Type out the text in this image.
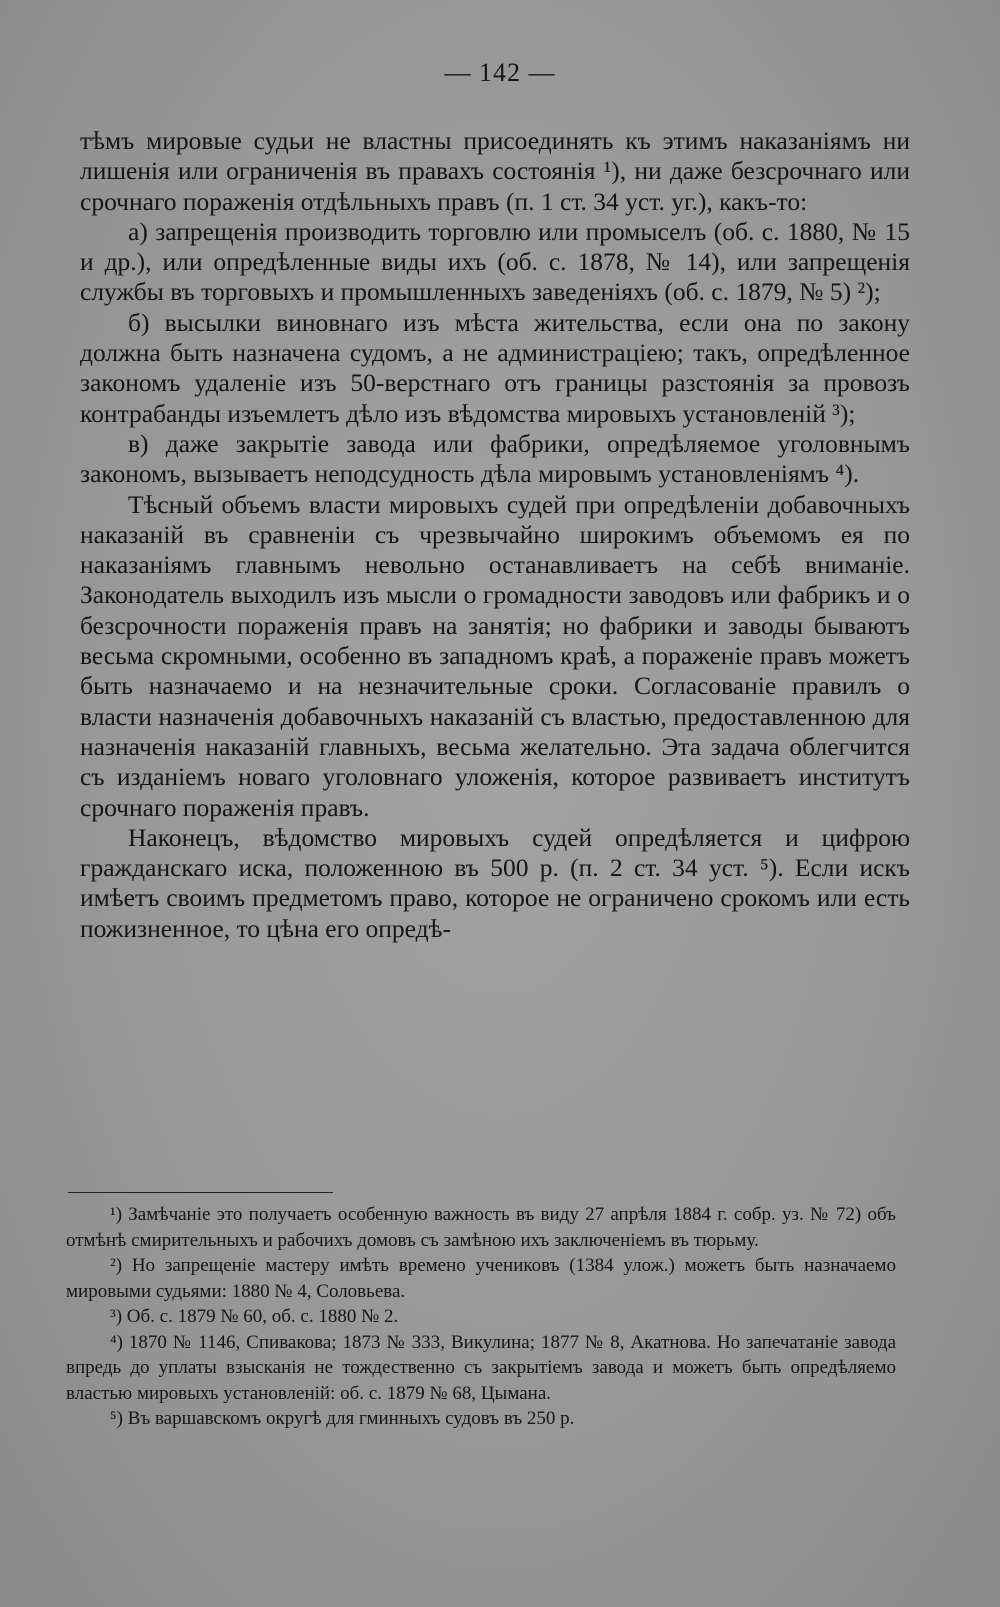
— 142 —

тѣмъ мировые судьи не властны присоединять къ этимъ наказаніямъ ни лишенія или ограниченія въ правахъ состоянія ¹), ни даже безсрочнаго или срочнаго пораженія отдѣльныхъ правъ (п. 1 ст. 34 уст. уг.), какъ-то:

а) запрещенія производить торговлю или промыселъ (об. с. 1880, № 15 и др.), или опредѣленные виды ихъ (об. с. 1878, № 14), или запрещенія службы въ торговыхъ и промышленныхъ заведеніяхъ (об. с. 1879, № 5) ²);

б) высылки виновнаго изъ мѣста жительства, если она по закону должна быть назначена судомъ, а не администраціею; такъ, опредѣленное закономъ удаленіе изъ 50-верстнаго отъ границы разстоянія за провозъ контрабанды изъемлетъ дѣло изъ вѣдомства мировыхъ установленій ³);

в) даже закрытіе завода или фабрики, опредѣляемое уголовнымъ закономъ, вызываетъ неподсудность дѣла мировымъ установленіямъ ⁴).

Тѣсный объемъ власти мировыхъ судей при опредѣленіи добавочныхъ наказаній въ сравненіи съ чрезвычайно широкимъ объемомъ ея по наказаніямъ главнымъ невольно останавливаетъ на себѣ вниманіе. Законодатель выходилъ изъ мысли о громадности заводовъ или фабрикъ и о безсрочности пораженія правъ на занятія; но фабрики и заводы бываютъ весьма скромными, особенно въ западномъ краѣ, а пораженіе правъ можетъ быть назначаемо и на незначительные сроки. Согласованіе правилъ о власти назначенія добавочныхъ наказаній съ властью, предоставленною для назначенія наказаній главныхъ, весьма желательно. Эта задача облегчится съ изданіемъ новаго уголовнаго уложенія, которое развиваетъ институтъ срочнаго пораженія правъ.

Наконецъ, вѣдомство мировыхъ судей опредѣляется и цифрою гражданскаго иска, положенною въ 500 р. (п. 2 ст. 34 уст. ⁵). Если искъ имѣетъ своимъ предметомъ право, которое не ограничено срокомъ или есть пожизненное, то цѣна его опредѣ-

¹) Замѣчаніе это получаетъ особенную важность въ виду 27 апрѣля 1884 г. собр. уз. № 72) объ отмѣнѣ смирительныхъ и рабочихъ домовъ съ замѣною ихъ заключеніемъ въ тюрьму.

²) Но запрещеніе мастеру имѣть времено учениковъ (1384 улож.) можетъ быть назначаемо мировыми судьями: 1880 № 4, Соловьева.

³) Об. с. 1879 № 60, об. с. 1880 № 2.

⁴) 1870 № 1146, Спивакова; 1873 № 333, Викулина; 1877 № 8, Акатнова. Но запечатаніе завода впредь до уплаты взысканія не тождественно съ закрытіемъ завода и можетъ быть опредѣляемо властью мировыхъ установленій: об. с. 1879 № 68, Цымана.

⁵) Въ варшавскомъ округѣ для гминныхъ судовъ въ 250 р.
